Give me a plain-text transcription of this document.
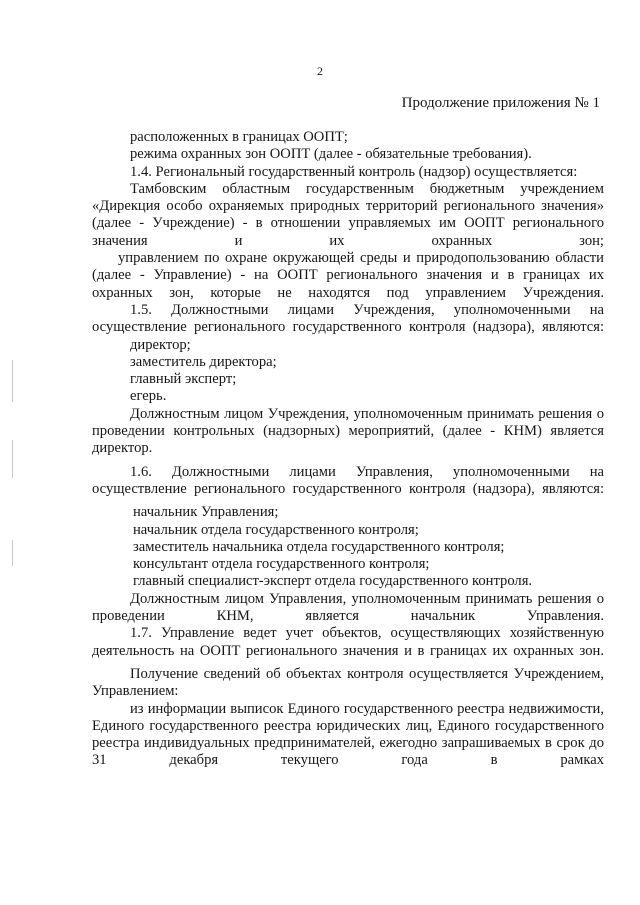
2
Продолжение приложения № 1

расположенных в границах ООПТ;

режима охранных зон ООПТ (далее - обязательные требования).

1.4. Региональный государственный контроль (надзор) осуществляется:

Тамбовским областным государственным бюджетным учреждением «Дирекция особо охраняемых природных территорий регионального значения» (далее - Учреждение) - в отношении управляемых им ООПТ регионального значения и их охранных зон;

управлением по охране окружающей среды и природопользованию области (далее - Управление) - на ООПТ регионального значения и в границах их охранных зон, которые не находятся под управлением Учреждения.

1.5. Должностными лицами Учреждения, уполномоченными на осуществление регионального государственного контроля (надзора), являются:

директор;

заместитель директора;

главный эксперт;

егерь.

Должностным лицом Учреждения, уполномоченным принимать решения о проведении контрольных (надзорных) мероприятий, (далее - КНМ) является директор.

1.6. Должностными лицами Управления, уполномоченными на осуществление регионального государственного контроля (надзора), являются:

начальник Управления;

начальник отдела государственного контроля;

заместитель начальника отдела государственного контроля;

консультант отдела государственного контроля;

главный специалист-эксперт отдела государственного контроля.

Должностным лицом Управления, уполномоченным принимать решения о проведении КНМ, является начальник Управления.

1.7. Управление ведет учет объектов, осуществляющих хозяйственную деятельность на ООПТ регионального значения и в границах их охранных зон.

Получение сведений об объектах контроля осуществляется Учреждением, Управлением:

из информации выписок Единого государственного реестра недвижимости, Единого государственного реестра юридических лиц, Единого государственного реестра индивидуальных предпринимателей, ежегодно запрашиваемых в срок до 31 декабря текущего года в рамках
